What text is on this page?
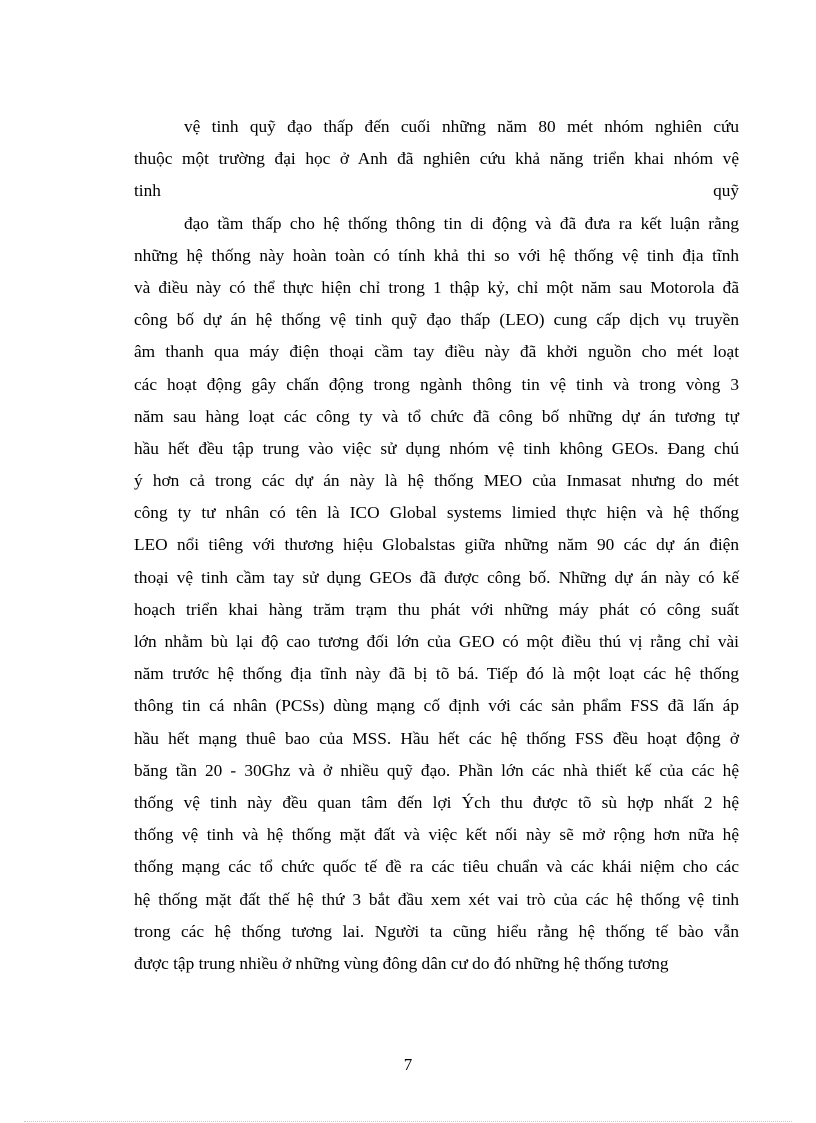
vệ tinh quỹ đạo thấp đến cuối những năm 80 mét nhóm nghiên cứu
thuộc một trường đại học ở Anh đã nghiên cứu khả năng triển khai nhóm vệ
tinh quỹ
đạo tầm thấp cho hệ thống thông tin di động và đã đưa ra kết luận rằng
những hệ thống này hoàn toàn có tính khả thi so với hệ thống vệ tinh địa tĩnh
và điều này có thể thực hiện chỉ trong 1 thập kỷ, chỉ một năm sau Motorola đã
công bố dự án hệ thống vệ tinh quỹ đạo thấp (LEO) cung cấp dịch vụ truyền
âm thanh qua máy điện thoại cầm tay điều này đã khởi nguồn cho mét loạt
các hoạt động gây chấn động trong ngành thông tin vệ tinh và trong vòng 3
năm sau hàng loạt các công ty và tổ chức đã công bố những dự án tương tự
hầu hết đều tập trung vào việc sử dụng nhóm vệ tinh không GEOs. Đang chú
ý hơn cả trong các dự án này là hệ thống MEO của Inmasat nhưng do mét
công ty tư nhân có tên là ICO Global systems limied thực hiện và hệ thống
LEO nổi tiêng với thương hiệu Globalstas giữa những năm 90 các dự án điện
thoại vệ tinh cầm tay sử dụng GEOs đã được công bố. Những dự án này có kế
hoạch triển khai hàng trăm trạm thu phát với những máy phát có công suất
lớn nhằm bù lại độ cao tương đối lớn của GEO có một điều thú vị rằng chỉ vài
năm trước hệ thống địa tĩnh này đã bị tõ bá. Tiếp đó là một loạt các hệ thống
thông tin cá nhân (PCSs) dùng mạng cố định với các sản phẩm FSS đã lấn áp
hầu hết mạng thuê bao của MSS. Hầu hết các hệ thống FSS đều hoạt động ở
băng tần 20 - 30Ghz và ở nhiều quỹ đạo. Phần lớn các nhà thiết kế của các hệ
thống vệ tinh này đều quan tâm đến lợi Ých thu được tõ sù hợp nhất 2 hệ
thống vệ tinh và hệ thống mặt đất và việc kết nối này sẽ mở rộng hơn nữa hệ
thống mạng các tổ chức quốc tế đề ra các tiêu chuẩn và các khái niệm cho các
hệ thống mặt đất thế hệ thứ 3 bắt đầu xem xét vai trò của các hệ thống vệ tinh
trong các hệ thống tương lai. Người ta cũng hiểu rằng hệ thống tế bào vẫn
được tập trung nhiều ở những vùng đông dân cư do đó những hệ thống tương
7
